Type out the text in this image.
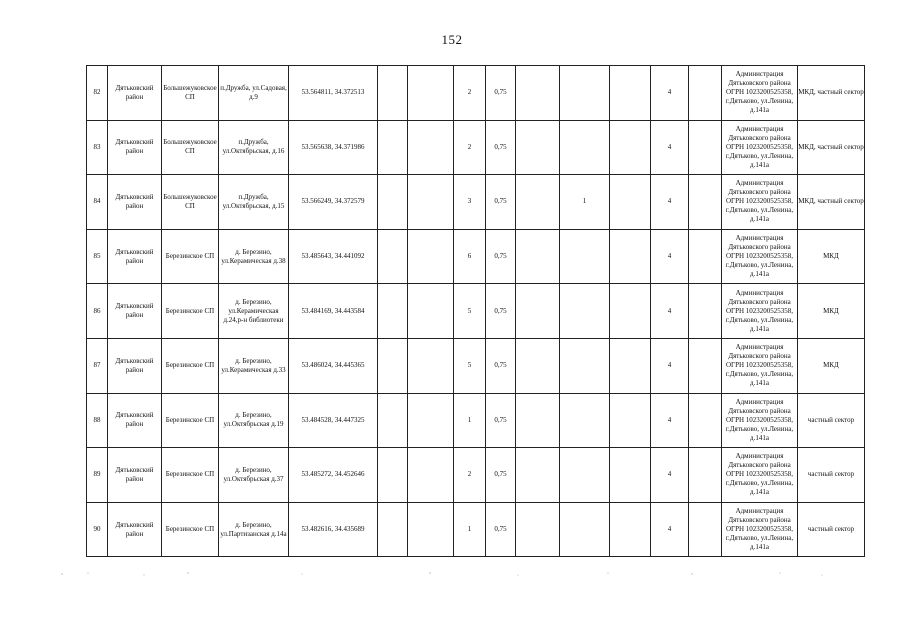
152
82	Дятьковский район	Большежуковское СП	п.Дружба, ул.Садовая, д.9	53.564811, 34.372513			2	0,75				4		Администрация Дятьковского района ОГРН 1023200525358, г.Дятьково, ул.Ленина, д.141а	МКД, частный сектор
83	Дятьковский район	Большежуковское СП	п.Дружба, ул.Октябрьская, д.16	53.565638, 34.371986			2	0,75				4		Администрация Дятьковского района ОГРН 1023200525358, г.Дятьково, ул.Ленина, д.141а	МКД, частный сектор
84	Дятьковский район	Большежуковское СП	п.Дружба, ул.Октябрьская, д.15	53.566249, 34.372579			3	0,75		1		4		Администрация Дятьковского района ОГРН 1023200525358, г.Дятьково, ул.Ленина, д.141а	МКД, частный сектор
85	Дятьковский район	Березинское СП	д. Березино, ул.Керамическая д.38	53.485643, 34.441092			6	0,75				4		Администрация Дятьковского района ОГРН 1023200525358, г.Дятьково, ул.Ленина, д.141а	МКД
86	Дятьковский район	Березинское СП	д. Березино, ул.Керамическая д.24,р-н библиотеки	53.484169, 34.443584			5	0,75				4		Администрация Дятьковского района ОГРН 1023200525358, г.Дятьково, ул.Ленина, д.141а	МКД
87	Дятьковский район	Березинское СП	д. Березино, ул.Керамическая д.33	53.486024, 34.445365			5	0,75				4		Администрация Дятьковского района ОГРН 1023200525358, г.Дятьково, ул.Ленина, д.141а	МКД
88	Дятьковский район	Березинское СП	д. Березино, ул.Октябрьская д.19	53.484528, 34.447325			1	0,75				4		Администрация Дятьковского района ОГРН 1023200525358, г.Дятьково, ул.Ленина, д.141а	частный сектор
89	Дятьковский район	Березинское СП	д. Березино, ул.Октябрьская д.37	53.485272, 34.452646			2	0,75				4		Администрация Дятьковского района ОГРН 1023200525358, г.Дятьково, ул.Ленина, д.141а	частный сектор
90	Дятьковский район	Березинское СП	д. Березино, ул.Партизанская д.14а	53.482616, 34.435689			1	0,75				4		Администрация Дятьковского района ОГРН 1023200525358, г.Дятьково, ул.Ленина, д.141а	частный сектор
